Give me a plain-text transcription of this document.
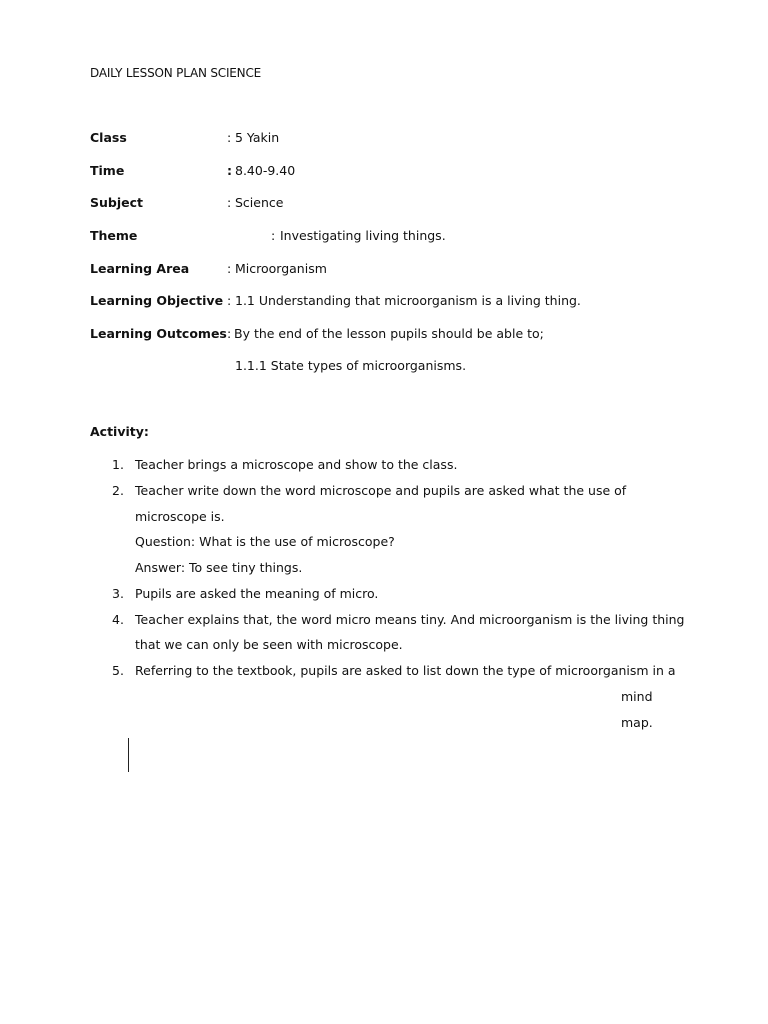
DAILY LESSON PLAN SCIENCE
Class	: 5 Yakin
Time	: 8.40-9.40
Subject	: Science
Theme	: Investigating living things.
Learning Area	: Microorganism
Learning Objective : 1.1 Understanding that microorganism is a living thing.
Learning Outcomes : By the end of the lesson pupils should be able to;
1.1.1 State types of microorganisms.
Activity:
1. Teacher brings a microscope and show to the class.
2. Teacher write down the word microscope and pupils are asked what the use of
microscope is.
Question: What is the use of microscope?
Answer: To see tiny things.
3. Pupils are asked the meaning of micro.
4. Teacher explains that, the word micro means tiny. And microorganism is the living thing
that we can only be seen with microscope.
5. Referring to the textbook, pupils are asked to list down the type of microorganism in a
mind
map.
